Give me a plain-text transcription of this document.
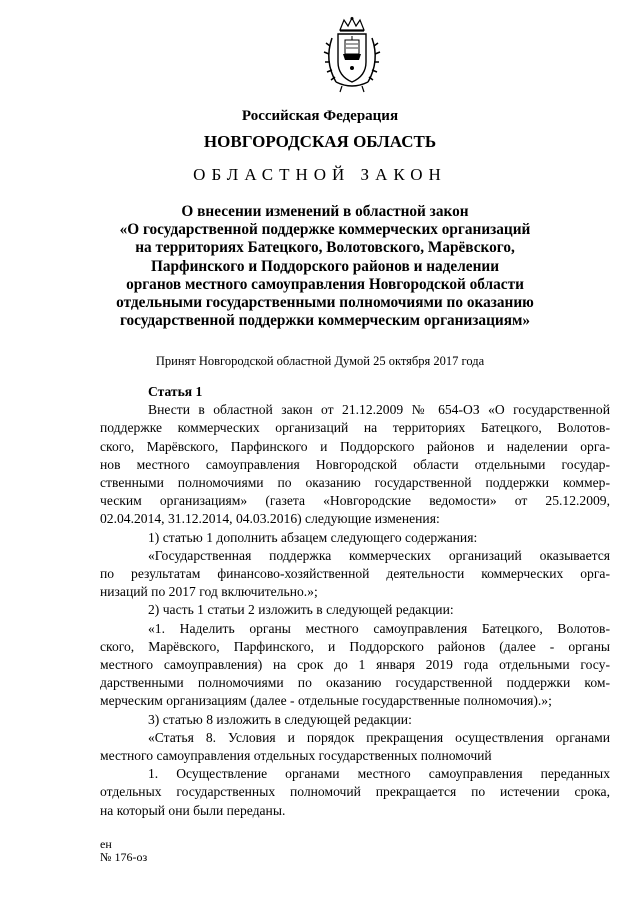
Российская Федерация
НОВГОРОДСКАЯ ОБЛАСТЬ
ОБЛАСТНОЙ ЗАКОН
О внесении изменений в областной закон
«О государственной поддержке коммерческих организаций
на территориях Батецкого, Волотовского, Марёвского,
Парфинского и Поддорского районов и наделении
органов местного самоуправления Новгородской области
отдельными государственными полномочиями по оказанию
государственной поддержки коммерческим организациям»
Принят Новгородской областной Думой 25 октября 2017 года
Статья 1
Внести в областной закон от 21.12.2009 № 654-ОЗ «О государственной
поддержке коммерческих организаций на территориях Батецкого, Волотов-
ского, Марёвского, Парфинского и Поддорского районов и наделении орга-
нов местного самоуправления Новгородской области отдельными государ-
ственными полномочиями по оказанию государственной поддержки коммер-
ческим организациям» (газета «Новгородские ведомости» от 25.12.2009,
02.04.2014, 31.12.2014, 04.03.2016) следующие изменения:
1) статью 1 дополнить абзацем следующего содержания:
«Государственная поддержка коммерческих организаций оказывается
по результатам финансово-хозяйственной деятельности коммерческих орга-
низаций по 2017 год включительно.»;
2) часть 1 статьи 2 изложить в следующей редакции:
«1. Наделить органы местного самоуправления Батецкого, Волотов-
ского, Марёвского, Парфинского, и Поддорского районов (далее - органы
местного самоуправления) на срок до 1 января 2019 года отдельными госу-
дарственными полномочиями по оказанию государственной поддержки ком-
мерческим организациям (далее - отдельные государственные полномочия).»;
3) статью 8 изложить в следующей редакции:
«Статья 8. Условия и порядок прекращения осуществления органами
местного самоуправления отдельных государственных полномочий
1. Осуществление органами местного самоуправления переданных
отдельных государственных полномочий прекращается по истечении срока,
на который они были переданы.
ен
№ 176-оз
